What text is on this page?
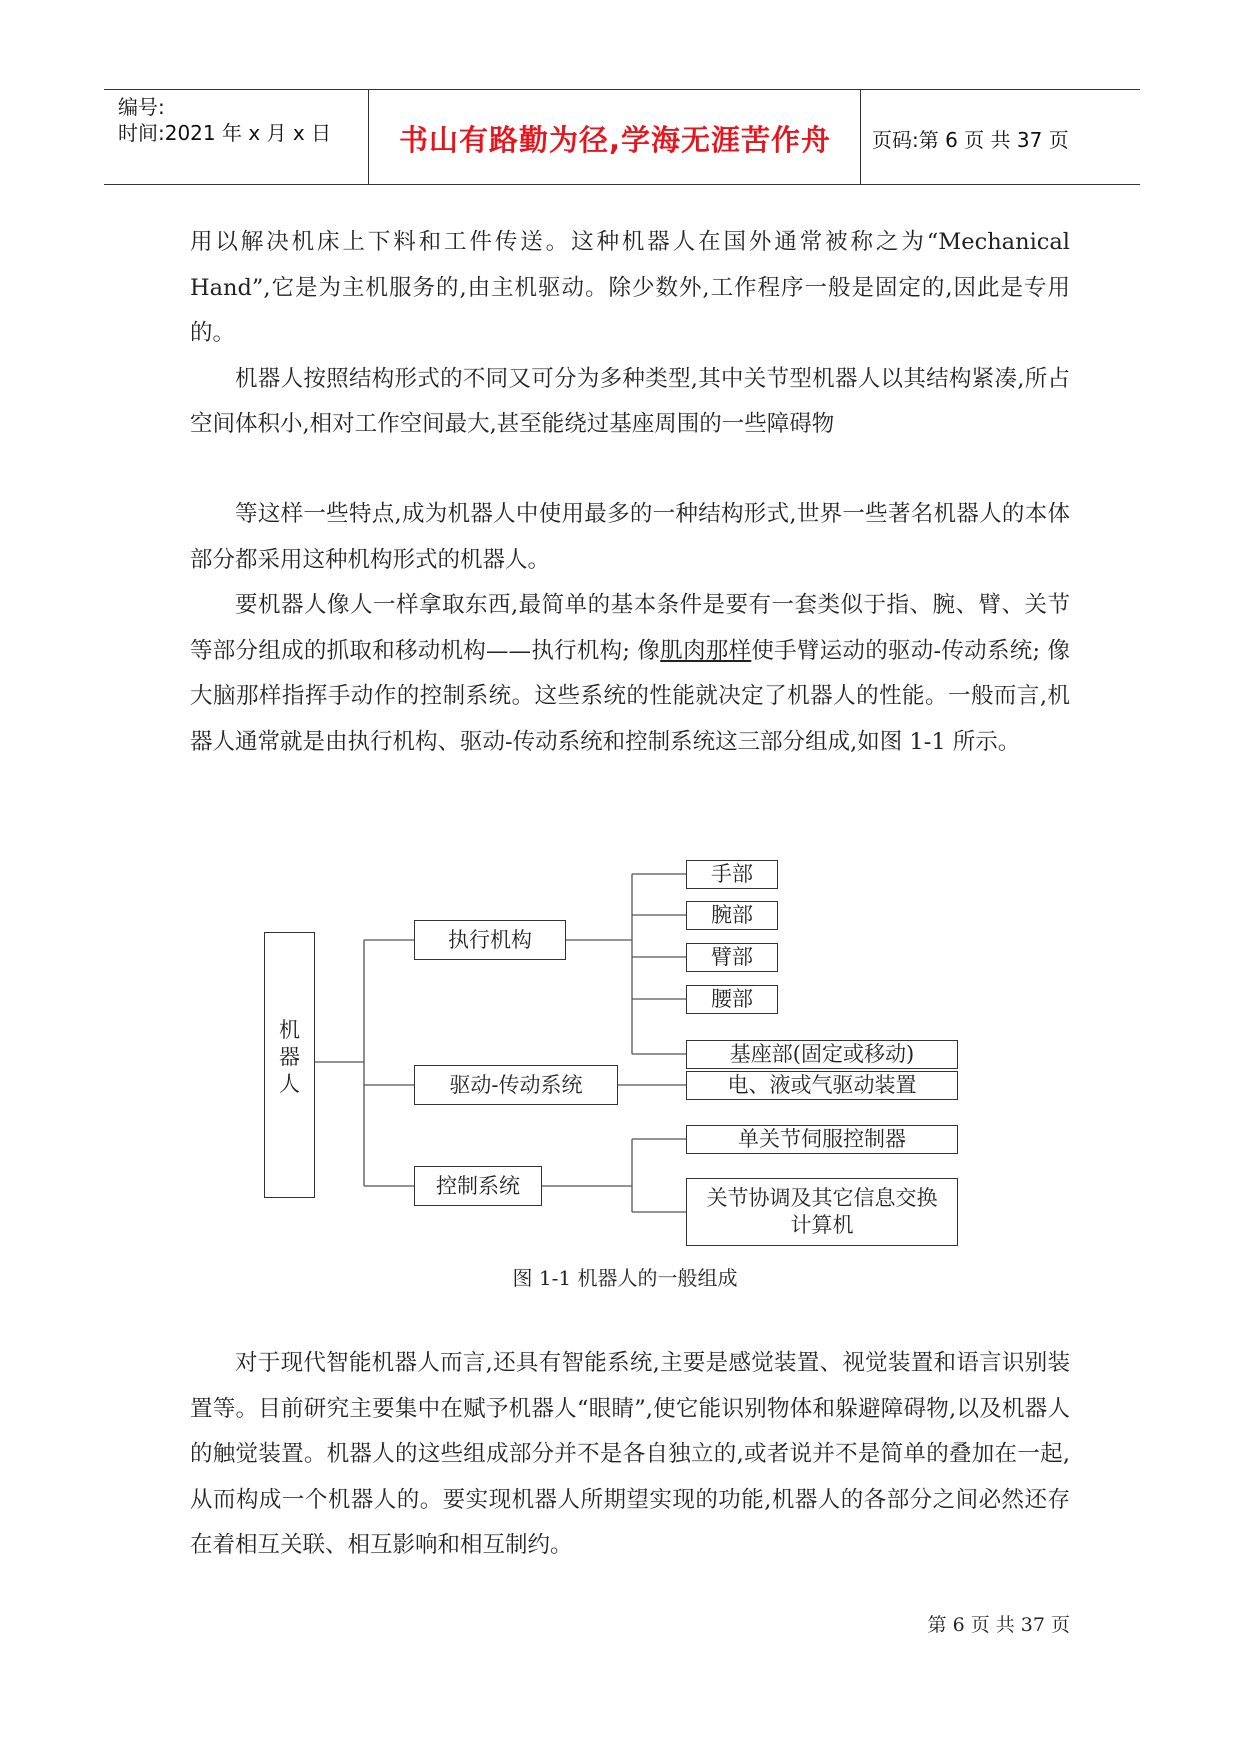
编号:
时间:2021 年 x 月 x 日	书山有路勤为径,学海无涯苦作舟	页码:第 6 页 共 37 页

用以解决机床上下料和工件传送。这种机器人在国外通常被称之为“Mechanical Hand”,它是为主机服务的,由主机驱动。除少数外,工作程序一般是固定的,因此是专用的。

机器人按照结构形式的不同又可分为多种类型,其中关节型机器人以其结构紧凑,所占空间体积小,相对工作空间最大,甚至能绕过基座周围的一些障碍物

等这样一些特点,成为机器人中使用最多的一种结构形式,世界一些著名机器人的本体部分都采用这种机构形式的机器人。

要机器人像人一样拿取东西,最简单的基本条件是要有一套类似于指、腕、臂、关节等部分组成的抓取和移动机构——执行机构; 像肌肉那样使手臂运动的驱动-传动系统; 像大脑那样指挥手动作的控制系统。这些系统的性能就决定了机器人的性能。一般而言,机器人通常就是由执行机构、驱动-传动系统和控制系统这三部分组成,如图 1-1 所示。

机器人
执行机构
驱动-传动系统
控制系统
手部
腕部
臂部
腰部
基座部(固定或移动)
电、液或气驱动装置
单关节伺服控制器
关节协调及其它信息交换
计算机
图 1-1 机器人的一般组成

对于现代智能机器人而言,还具有智能系统,主要是感觉装置、视觉装置和语言识别装置等。目前研究主要集中在赋予机器人“眼睛”,使它能识别物体和躲避障碍物,以及机器人的触觉装置。机器人的这些组成部分并不是各自独立的,或者说并不是简单的叠加在一起,从而构成一个机器人的。要实现机器人所期望实现的功能,机器人的各部分之间必然还存在着相互关联、相互影响和相互制约。

第 6 页 共 37 页
